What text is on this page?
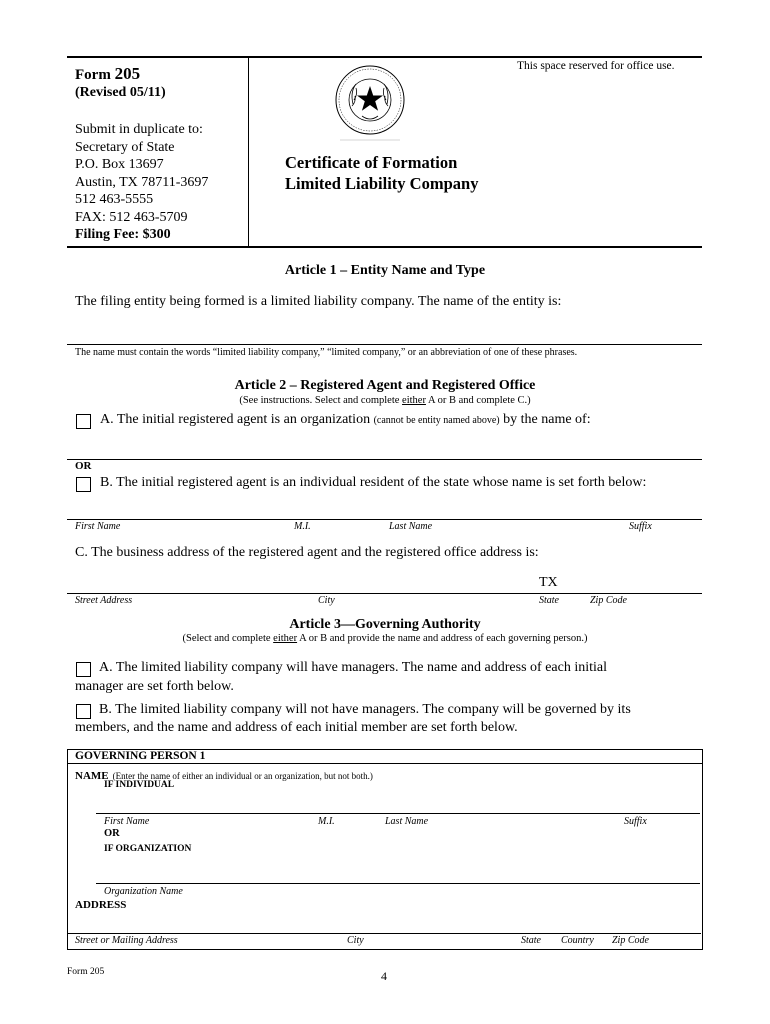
Form 205
(Revised 05/11)
Submit in duplicate to:
Secretary of State
P.O. Box 13697
Austin, TX 78711-3697
512 463-5555
FAX: 512 463-5709
Filing Fee: $300
This space reserved for office use.
Certificate of Formation
Limited Liability Company
Article 1 – Entity Name and Type
The filing entity being formed is a limited liability company. The name of the entity is:
The name must contain the words “limited liability company,” “limited company,” or an abbreviation of one of these phrases.
Article 2 – Registered Agent and Registered Office
(See instructions. Select and complete either A or B and complete C.)
A. The initial registered agent is an organization (cannot be entity named above) by the name of:
OR
B. The initial registered agent is an individual resident of the state whose name is set forth below:
First Name	M.I.	Last Name	Suffix
C. The business address of the registered agent and the registered office address is:
TX
Street Address	City	State	Zip Code
Article 3—Governing Authority
(Select and complete either A or B and provide the name and address of each governing person.)
A. The limited liability company will have managers. The name and address of each initial
manager are set forth below.
B. The limited liability company will not have managers. The company will be governed by its
members, and the name and address of each initial member are set forth below.
GOVERNING PERSON 1
NAME (Enter the name of either an individual or an organization, but not both.)
IF INDIVIDUAL
First Name	M.I.	Last Name	Suffix
OR
IF ORGANIZATION
Organization Name
ADDRESS
Street or Mailing Address	City	State Country Zip Code
Form 205	4
